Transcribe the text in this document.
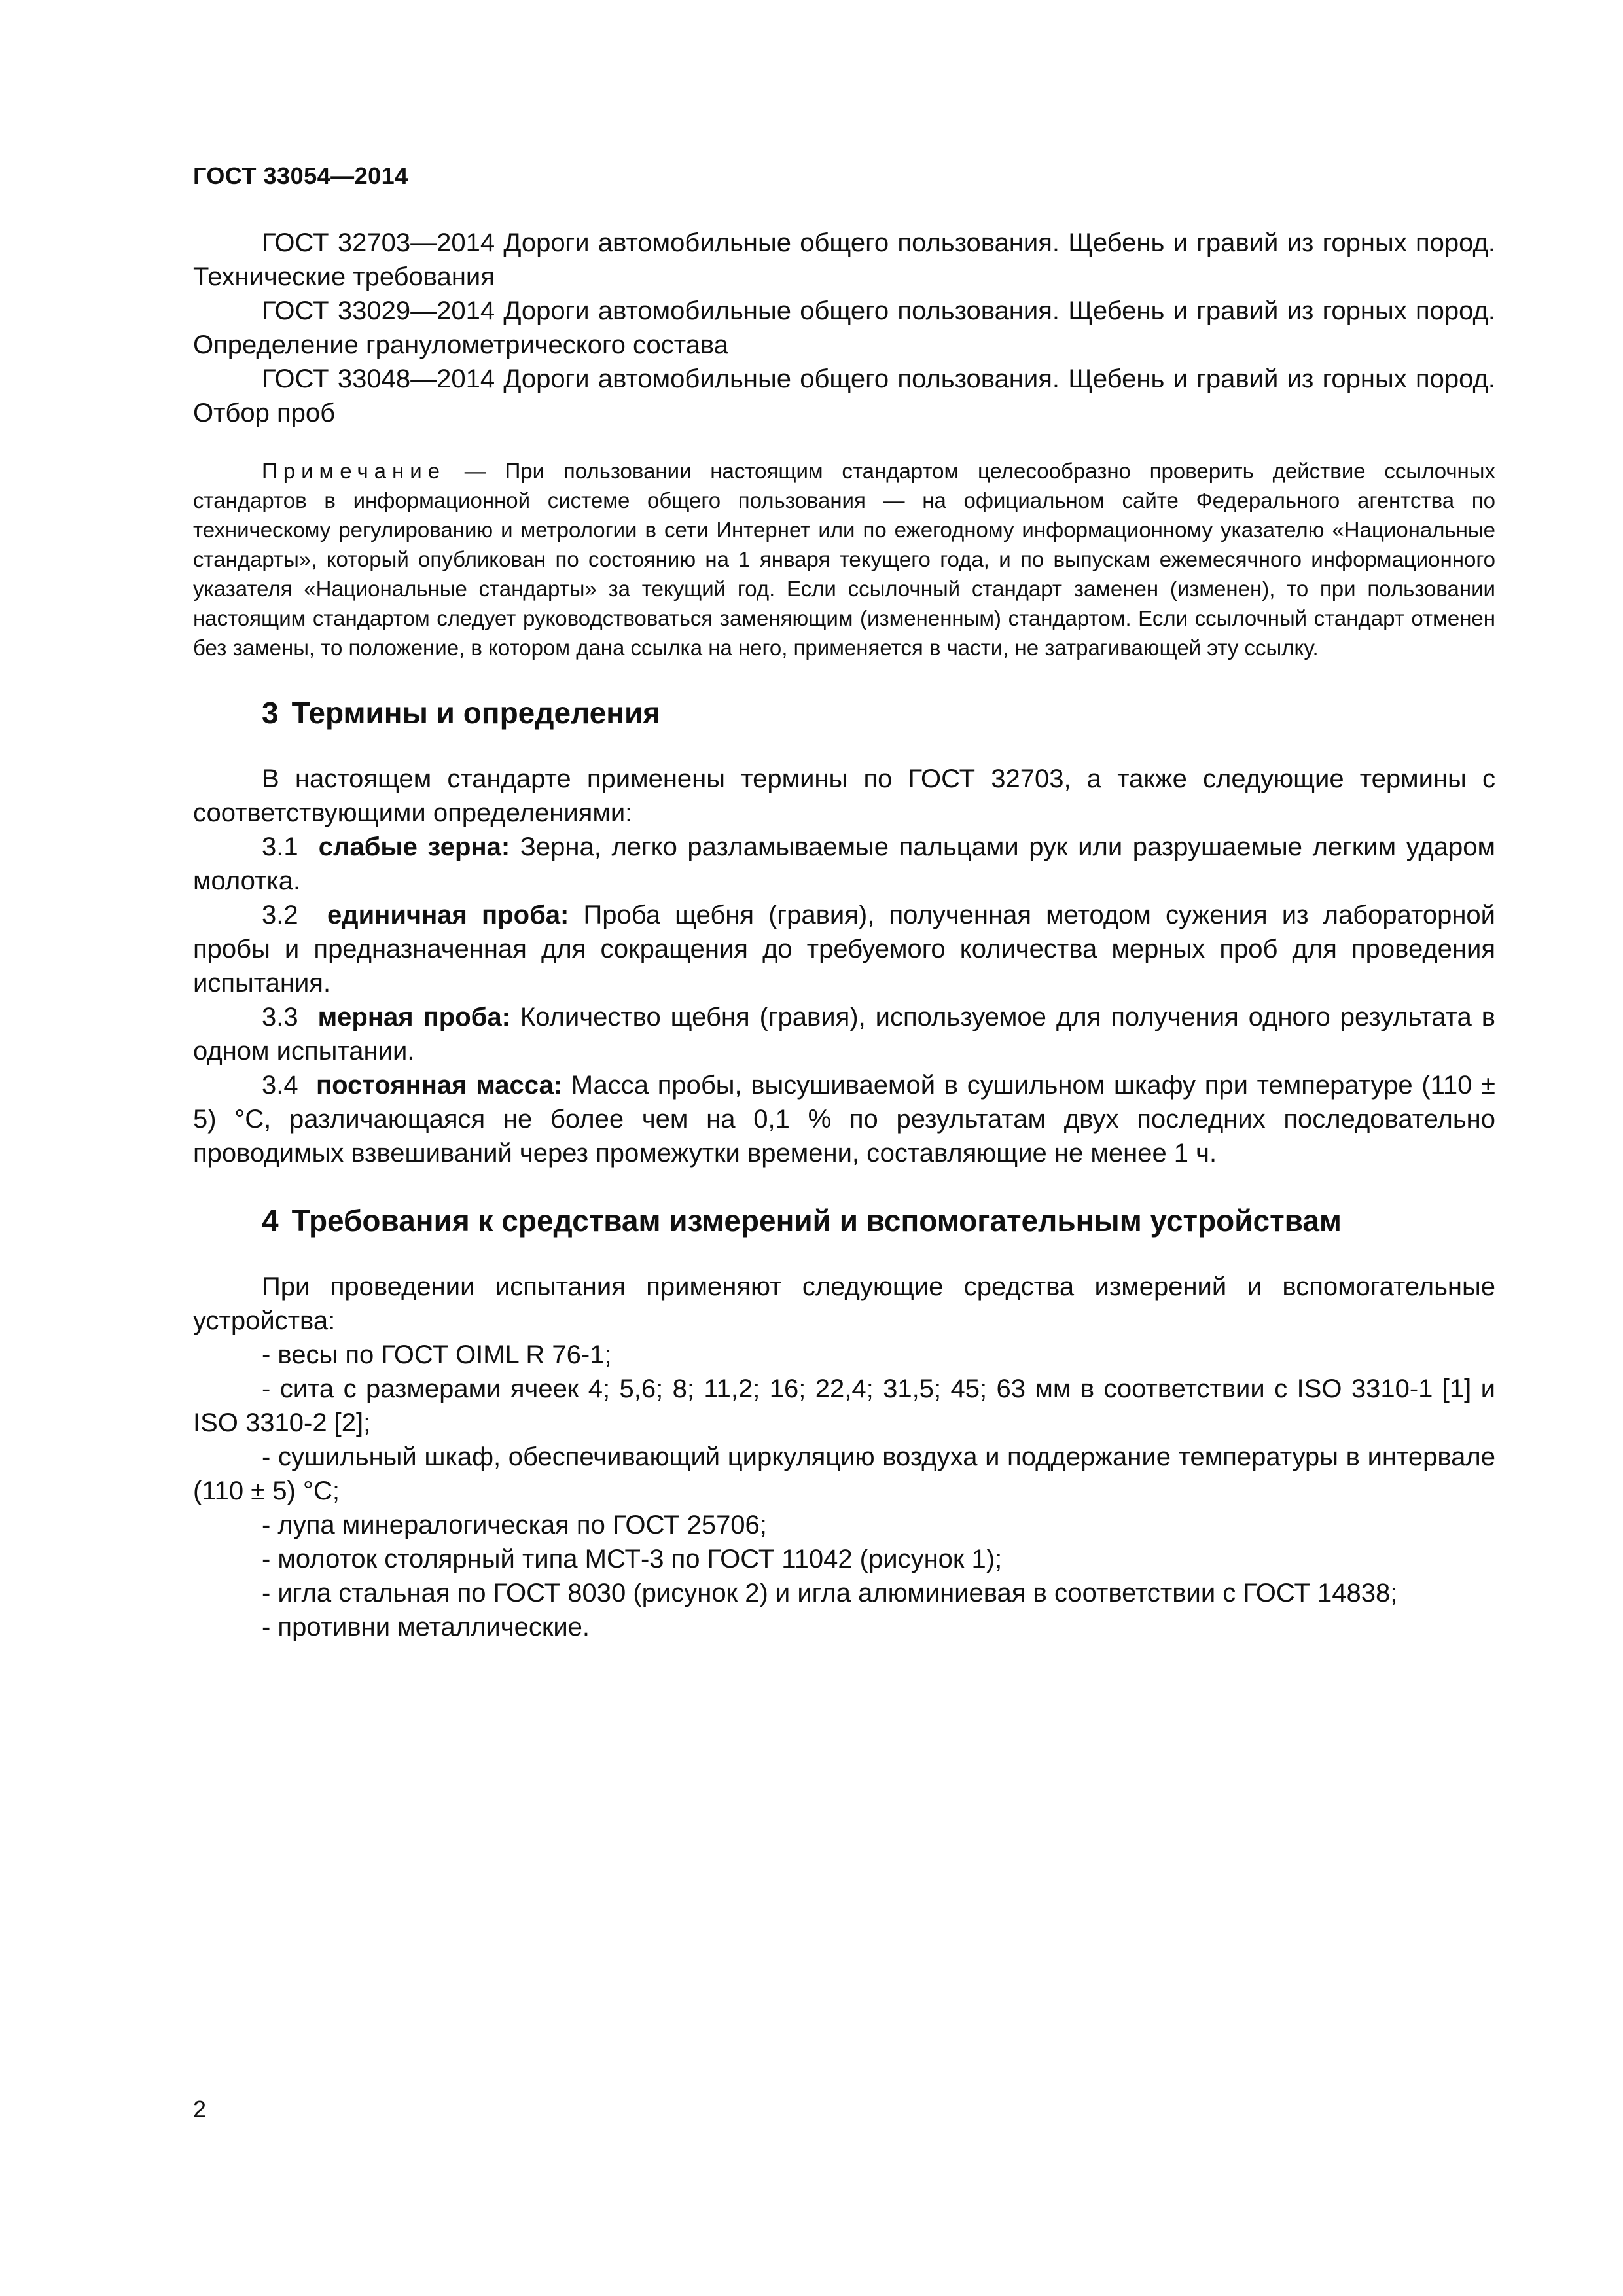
ГОСТ 33054—2014

ГОСТ 32703—2014 Дороги автомобильные общего пользования. Щебень и гравий из горных пород. Технические требования

ГОСТ 33029—2014 Дороги автомобильные общего пользования. Щебень и гравий из горных пород. Определение гранулометрического состава

ГОСТ 33048—2014 Дороги автомобильные общего пользования. Щебень и гравий из горных пород. Отбор проб

Примечание — При пользовании настоящим стандартом целесообразно проверить действие ссылочных стандартов в информационной системе общего пользования — на официальном сайте Федерального агентства по техническому регулированию и метрологии в сети Интернет или по ежегодному информационному указателю «Национальные стандарты», который опубликован по состоянию на 1 января текущего года, и по выпускам ежемесячного информационного указателя «Национальные стандарты» за текущий год. Если ссылочный стандарт заменен (изменен), то при пользовании настоящим стандартом следует руководствоваться заменяющим (измененным) стандартом. Если ссылочный стандарт отменен без замены, то положение, в котором дана ссылка на него, применяется в части, не затрагивающей эту ссылку.

3 Термины и определения

В настоящем стандарте применены термины по ГОСТ 32703, а также следующие термины с соответствующими определениями:

3.1 слабые зерна: Зерна, легко разламываемые пальцами рук или разрушаемые легким ударом молотка.

3.2 единичная проба: Проба щебня (гравия), полученная методом сужения из лабораторной пробы и предназначенная для сокращения до требуемого количества мерных проб для проведения испытания.

3.3 мерная проба: Количество щебня (гравия), используемое для получения одного результата в одном испытании.

3.4 постоянная масса: Масса пробы, высушиваемой в сушильном шкафу при температуре (110 ± 5) °С, различающаяся не более чем на 0,1 % по результатам двух последних последовательно проводимых взвешиваний через промежутки времени, составляющие не менее 1 ч.

4 Требования к средствам измерений и вспомогательным устройствам

При проведении испытания применяют следующие средства измерений и вспомогательные устройства:

- весы по ГОСТ OIML R 76-1;

- сита с размерами ячеек 4; 5,6; 8; 11,2; 16; 22,4; 31,5; 45; 63 мм в соответствии с ISO 3310-1 [1] и ISO 3310-2 [2];

- сушильный шкаф, обеспечивающий циркуляцию воздуха и поддержание температуры в интервале (110 ± 5) °С;

- лупа минералогическая по ГОСТ 25706;

- молоток столярный типа МСТ-3 по ГОСТ 11042 (рисунок 1);

- игла стальная по ГОСТ 8030 (рисунок 2) и игла алюминиевая в соответствии с ГОСТ 14838;

- противни металлические.

2
